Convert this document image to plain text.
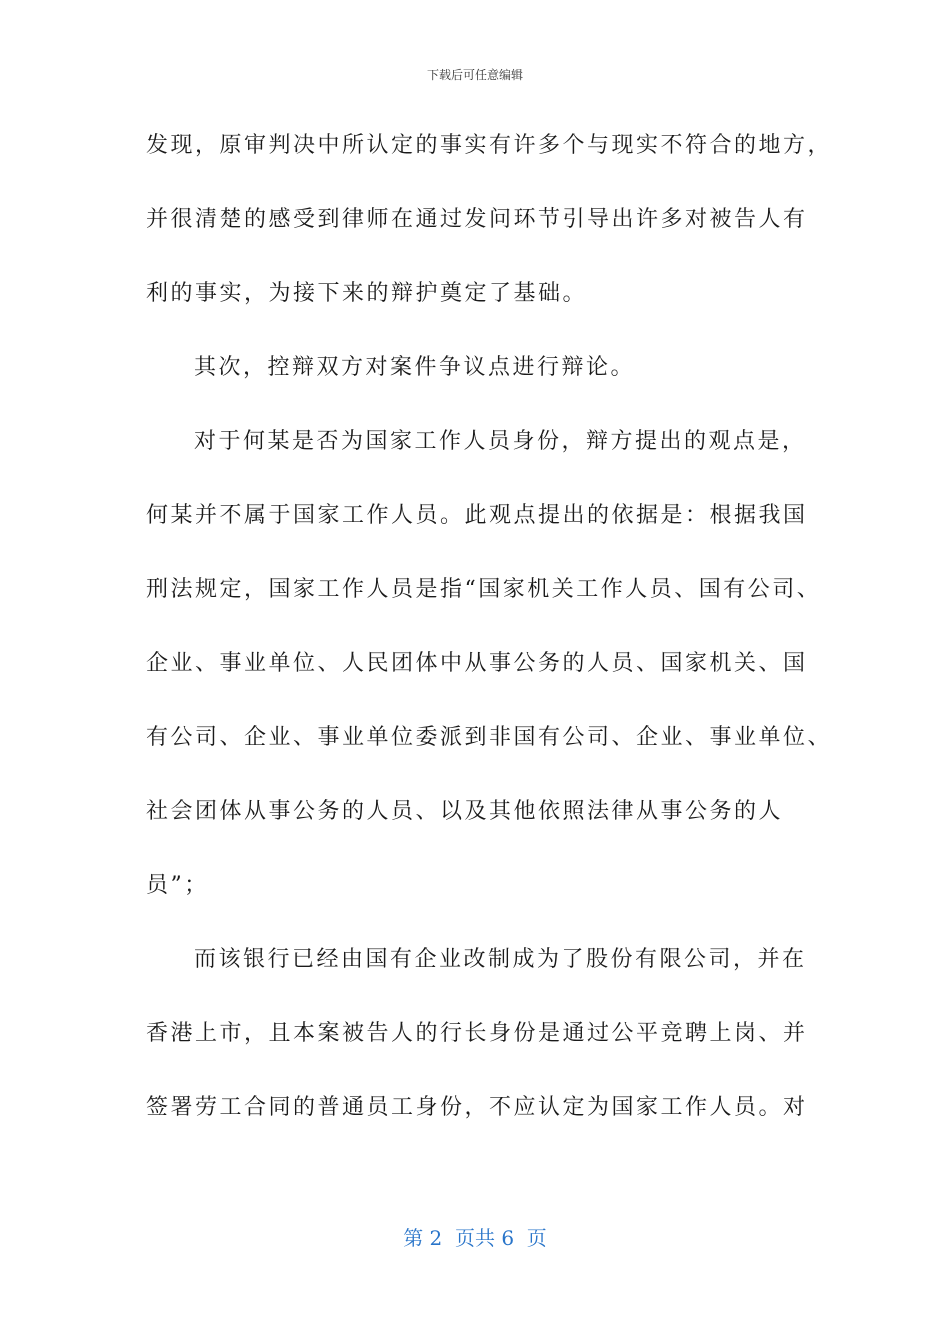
下载后可任意编辑
发现，原审判决中所认定的事实有许多个与现实不符合的地方，
并很清楚的感受到律师在通过发问环节引导出许多对被告人有
利的事实，为接下来的辩护奠定了基础。
其次，控辩双方对案件争议点进行辩论。
对于何某是否为国家工作人员身份，辩方提出的观点是，
何某并不属于国家工作人员。此观点提出的依据是：根据我国
刑法规定，国家工作人员是指“国家机关工作人员、国有公司、
企业、事业单位、人民团体中从事公务的人员、国家机关、国
有公司、企业、事业单位委派到非国有公司、企业、事业单位、
社会团体从事公务的人员、以及其他依照法律从事公务的人
员”；
而该银行已经由国有企业改制成为了股份有限公司，并在
香港上市，且本案被告人的行长身份是通过公平竞聘上岗、并
签署劳工合同的普通员工身份，不应认定为国家工作人员。对
第 2  页共 6  页
